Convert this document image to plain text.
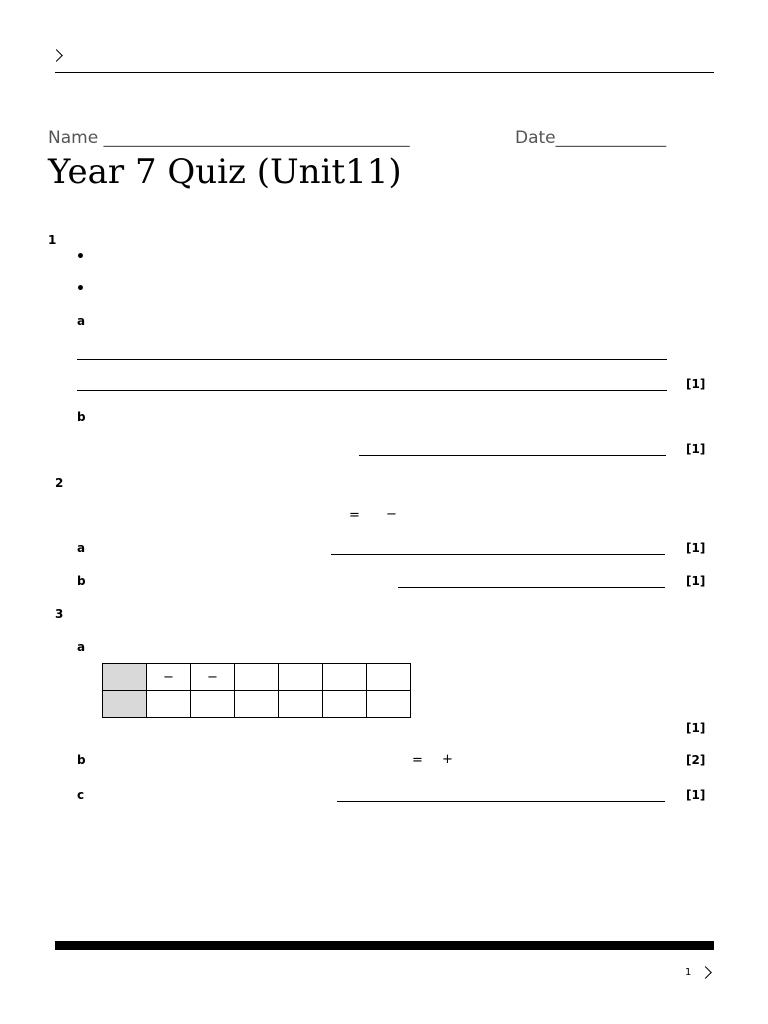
Name ____________________________________	Date_____________
Year 7 Quiz (Unit11)
1
•
•
a
[1]
b
[1]
2
= −
a	[1]
b	[1]
3
a
	−	−				

[1]
b	= +	[2]
c	[1]
1
